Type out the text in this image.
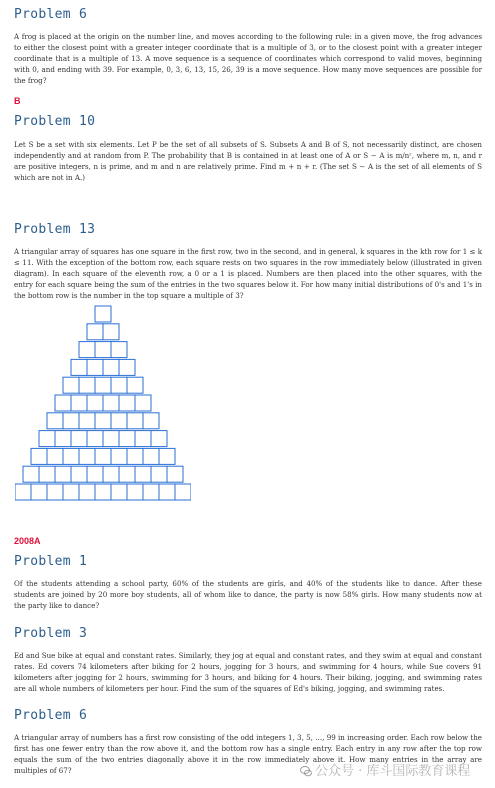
Problem 6
A frog is placed at the origin on the number line, and moves according to the following rule: in a given move, the frog advances to either the closest point with a greater integer coordinate that is a multiple of 3, or to the closest point with a greater integer coordinate that is a multiple of 13. A move sequence is a sequence of coordinates which correspond to valid moves, beginning with 0, and ending with 39. For example, 0, 3, 6, 13, 15, 26, 39 is a move sequence. How many move sequences are possible for the frog?
B
Problem 10
Let S be a set with six elements. Let P be the set of all subsets of S. Subsets A and B of S, not necessarily distinct, are chosen independently and at random from P. The probability that B is contained in at least one of A or S − A is m/nʳ, where m, n, and r are positive integers, n is prime, and m and n are relatively prime. Find m + n + r. (The set S − A is the set of all elements of S which are not in A.)
Problem 13
A triangular array of squares has one square in the first row, two in the second, and in general, k squares in the kth row for 1 ≤ k ≤ 11. With the exception of the bottom row, each square rests on two squares in the row immediately below (illustrated in given diagram). In each square of the eleventh row, a 0 or a 1 is placed. Numbers are then placed into the other squares, with the entry for each square being the sum of the entries in the two squares below it. For how many initial distributions of 0's and 1's in the bottom row is the number in the top square a multiple of 3?
2008A
Problem 1
Of the students attending a school party, 60% of the students are girls, and 40% of the students like to dance. After these students are joined by 20 more boy students, all of whom like to dance, the party is now 58% girls. How many students now at the party like to dance?
Problem 3
Ed and Sue bike at equal and constant rates. Similarly, they jog at equal and constant rates, and they swim at equal and constant rates. Ed covers 74 kilometers after biking for 2 hours, jogging for 3 hours, and swimming for 4 hours, while Sue covers 91 kilometers after jogging for 2 hours, swimming for 3 hours, and biking for 4 hours. Their biking, jogging, and swimming rates are all whole numbers of kilometers per hour. Find the sum of the squares of Ed's biking, jogging, and swimming rates.
Problem 6
A triangular array of numbers has a first row consisting of the odd integers 1, 3, 5, …, 99 in increasing order. Each row below the first has one fewer entry than the row above it, and the bottom row has a single entry. Each entry in any row after the top row equals the sum of the two entries diagonally above it in the row immediately above it. How many entries in the array are multiples of 67?	公众号 · 库斗国际教育课程
